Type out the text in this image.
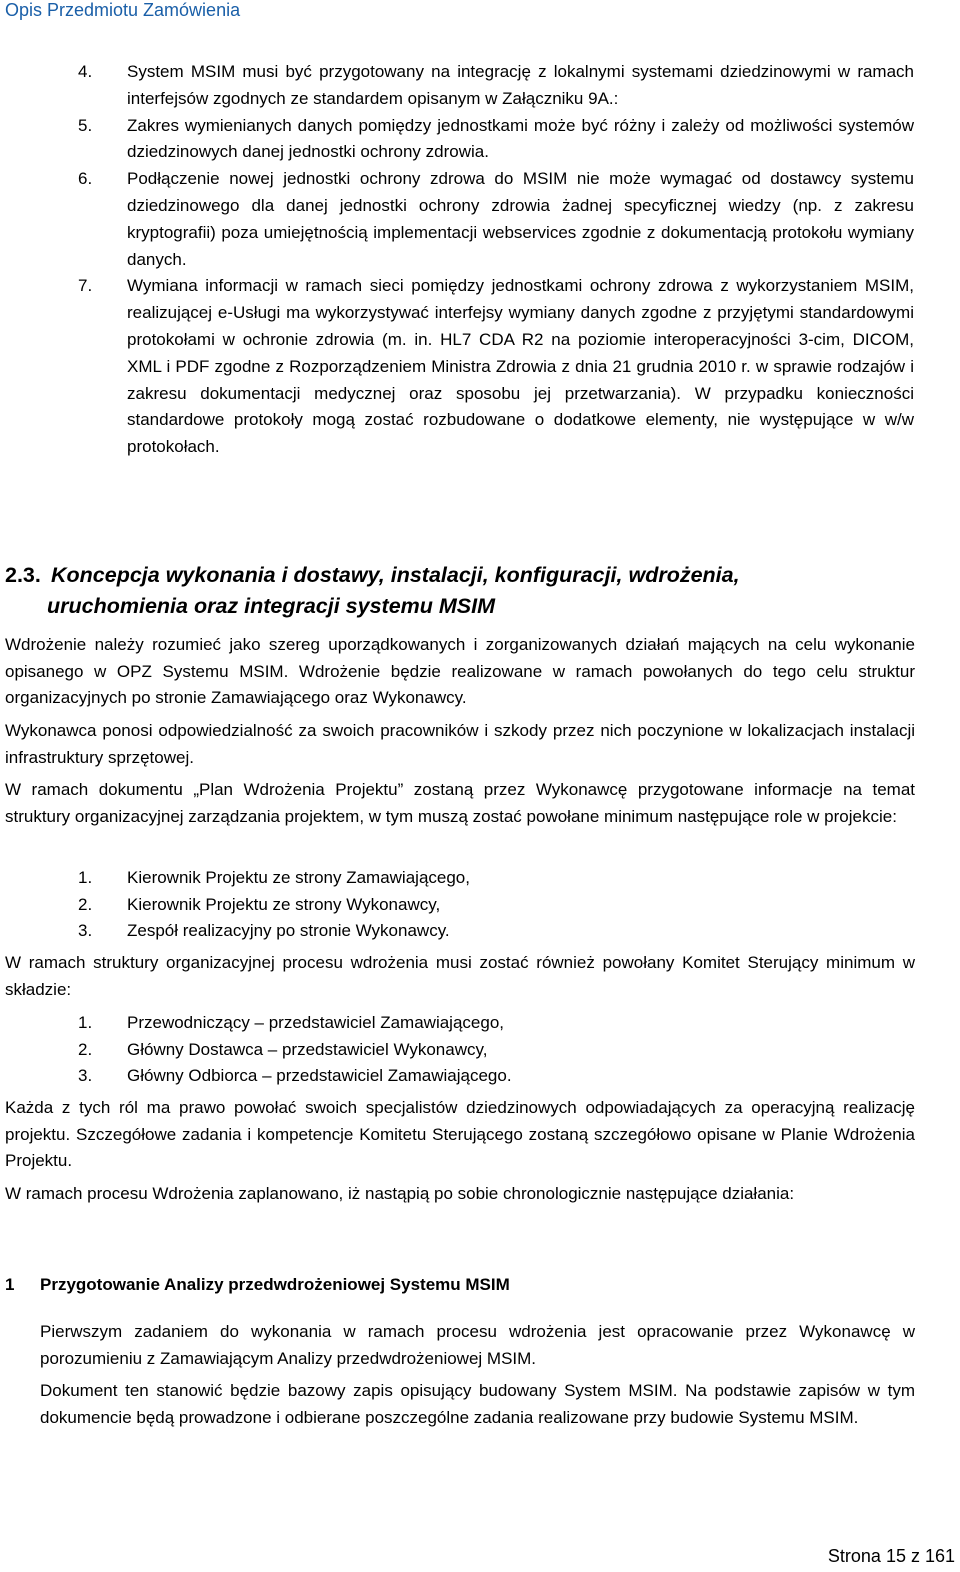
Opis Przedmiotu Zamówienia
4.	System MSIM musi być przygotowany na integrację z lokalnymi systemami dziedzinowymi w ramach interfejsów zgodnych ze standardem opisanym w Załączniku 9A.:
5.	Zakres wymienianych danych pomiędzy jednostkami może być różny i zależy od możliwości systemów dziedzinowych danej jednostki ochrony zdrowia.
6.	Podłączenie nowej jednostki ochrony zdrowa do MSIM nie może wymagać od dostawcy systemu dziedzinowego dla danej jednostki ochrony zdrowia żadnej specyficznej wiedzy (np. z zakresu kryptografii) poza umiejętnością implementacji webservices zgodnie z dokumentacją protokołu wymiany danych.
7.	Wymiana informacji w ramach sieci pomiędzy jednostkami ochrony zdrowa z wykorzystaniem MSIM, realizującej e-Usługi ma wykorzystywać interfejsy wymiany danych zgodne z przyjętymi standardowymi protokołami w ochronie zdrowia (m. in. HL7 CDA R2 na poziomie interoperacyjności 3-cim, DICOM, XML i PDF zgodne z Rozporządzeniem Ministra Zdrowia z dnia 21 grudnia 2010 r. w sprawie rodzajów i zakresu dokumentacji medycznej oraz sposobu jej przetwarzania). W przypadku konieczności standardowe protokoły mogą zostać rozbudowane o dodatkowe elementy, nie występujące w w/w protokołach.
2.3. Koncepcja wykonania i dostawy, instalacji, konfiguracji, wdrożenia,
uruchomienia oraz integracji systemu MSIM

Wdrożenie należy rozumieć jako szereg uporządkowanych i zorganizowanych działań mających na celu wykonanie opisanego w OPZ Systemu MSIM. Wdrożenie będzie realizowane w ramach powołanych do tego celu struktur organizacyjnych po stronie Zamawiającego oraz Wykonawcy.

Wykonawca ponosi odpowiedzialność za swoich pracowników i szkody przez nich poczynione w lokalizacjach instalacji infrastruktury sprzętowej.

W ramach dokumentu „Plan Wdrożenia Projektu” zostaną przez Wykonawcę przygotowane informacje na temat struktury organizacyjnej zarządzania projektem, w tym muszą zostać powołane minimum następujące role w projekcie:

1.	Kierownik Projektu ze strony Zamawiającego,
2.	Kierownik Projektu ze strony Wykonawcy,
3.	Zespół realizacyjny po stronie Wykonawcy.

W ramach struktury organizacyjnej procesu wdrożenia musi zostać również powołany Komitet Sterujący minimum w składzie:

1.	Przewodniczący – przedstawiciel Zamawiającego,
2.	Główny Dostawca – przedstawiciel Wykonawcy,
3.	Główny Odbiorca – przedstawiciel Zamawiającego.

Każda z tych ról ma prawo powołać swoich specjalistów dziedzinowych odpowiadających za operacyjną realizację projektu. Szczegółowe zadania i kompetencje Komitetu Sterującego zostaną szczegółowo opisane w Planie Wdrożenia Projektu.

W ramach procesu Wdrożenia zaplanowano, iż nastąpią po sobie chronologicznie następujące działania:

1	Przygotowanie Analizy przedwdrożeniowej Systemu MSIM

Pierwszym zadaniem do wykonania w ramach procesu wdrożenia jest opracowanie przez Wykonawcę w porozumieniu z Zamawiającym Analizy przedwdrożeniowej MSIM.

Dokument ten stanowić będzie bazowy zapis opisujący budowany System MSIM. Na podstawie zapisów w tym dokumencie będą prowadzone i odbierane poszczególne zadania realizowane przy budowie Systemu MSIM.

Strona 15 z 161
